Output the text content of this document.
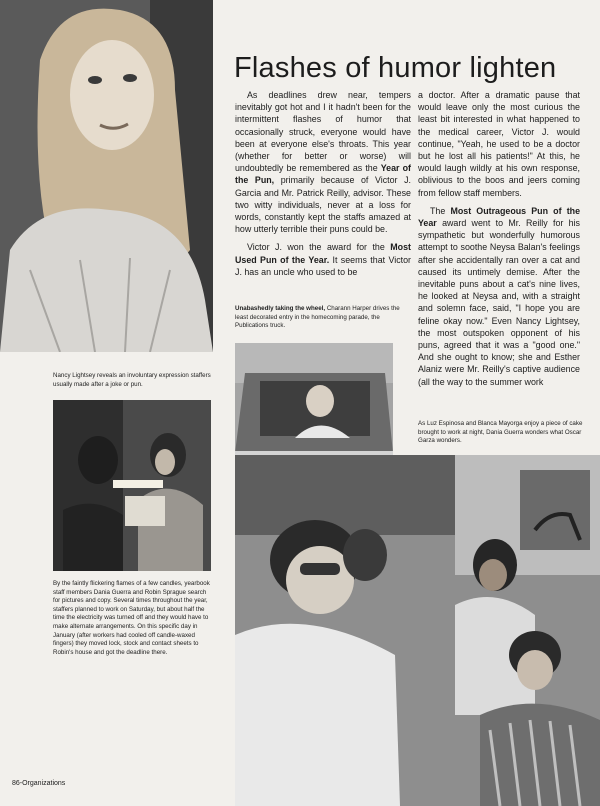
Flashes of humor lighten

As deadlines drew near, tempers inevitably got hot and I it hadn't been for the intermittent flashes of humor that occasionally struck, everyone would have been at everyone else's throats. This year (whether for better or worse) will undoubtedly be remembered as the Year of the Pun, primarily because of Victor J. Garcia and Mr. Patrick Reilly, advisor. These two witty individuals, never at a loss for words, constantly kept the staffs amazed at how utterly terrible their puns could be.

Victor J. won the award for the Most Used Pun of the Year. It seems that Victor J. has an uncle who used to be

a doctor. After a dramatic pause that would leave only the most curious the least bit interested in what happened to the medical career, Victor J. would continue, "Yeah, he used to be a doctor but he lost all his patients!" At this, he would laugh wildly at his own response, oblivious to the boos and jeers coming from fellow staff members.

The Most Outrageous Pun of the Year award went to Mr. Reilly for his sympathetic but wonderfully humorous attempt to soothe Neysa Balan's feelings after she accidentally ran over a cat and caused its untimely demise. After the inevitable puns about a cat's nine lives, he looked at Neysa and, with a straight and solemn face, said, "I hope you are feline okay now." Even Nancy Lightsey, the most outspoken opponent of his puns, agreed that it was a "good one." And she ought to know; she and Esther Alaniz were Mr. Reilly's captive audience (all the way to the summer work

Unabashedly taking the wheel, Charann Harper drives the least decorated entry in the homecoming parade, the Publications truck.

Nancy Lightsey reveals an involuntary expression staffers usually made after a joke or pun.

By the faintly flickering flames of a few candles, yearbook staff members Dania Guerra and Robin Sprague search for pictures and copy. Several times throughout the year, staffers planned to work on Saturday, but about half the time the electricity was turned off and they would have to make alternate arrangements. On this specific day in January (after workers had cooled off candle-waxed fingers) they moved lock, stock and contact sheets to Robin's house and got the deadline there.

As Luz Espinosa and Blanca Mayorga enjoy a piece of cake brought to work at night, Dania Guerra wonders what Oscar Garza wonders.

86-Organizations
